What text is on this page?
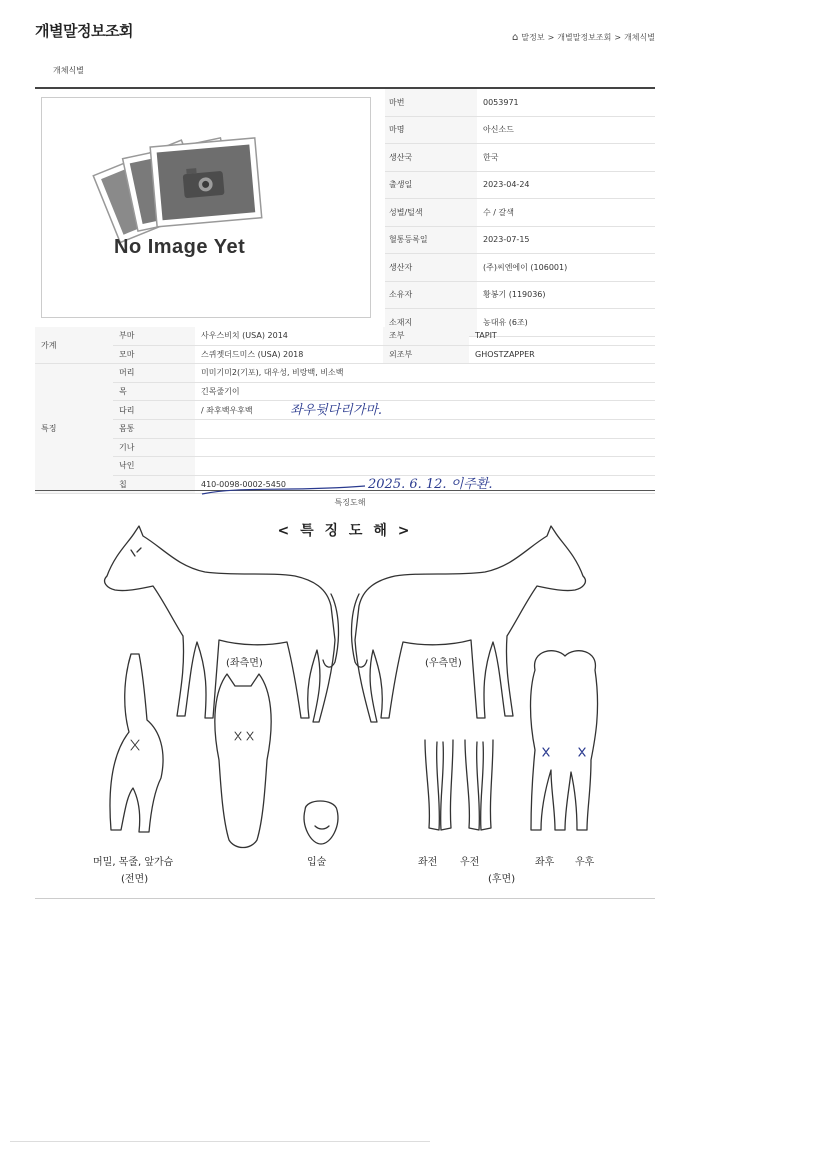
개별말정보조회	⌂ 말정보 > 개별말정보조회 > 개체식별
개체식별
No Image Yet
마번	0053971
마명	아신소드
생산국	한국
출생일	2023-04-24
성별/털색	수 / 갈색
혈통등록일	2023-07-15
생산자	(주)씨엔에이 (106001)
소유자	황봉기 (119036)
소재지	농대유 (6조)
가계	부마	사우스비치 (USA) 2014	조부	TAPIT
	모마	스퀴젯더드미스 (USA) 2018	외조부	GHOSTZAPPER
특징	머리	미미기미2(기포), 대우성, 비랑백, 비소백		
	목	긴목줄기이		
	다리	/ 좌후백우후백		
	몸통			
	기나			
	낙인			
	칩	410-0098-0002-5450		
좌우뒷다리가마.
2025. 6. 12. 이주환.
특징도해
< 특 징 도 해 >
(좌측면)	(우측면)
머밀, 목줄, 앞가슴
(전면)
입술	좌전 우전
(후면)
좌후 우후
